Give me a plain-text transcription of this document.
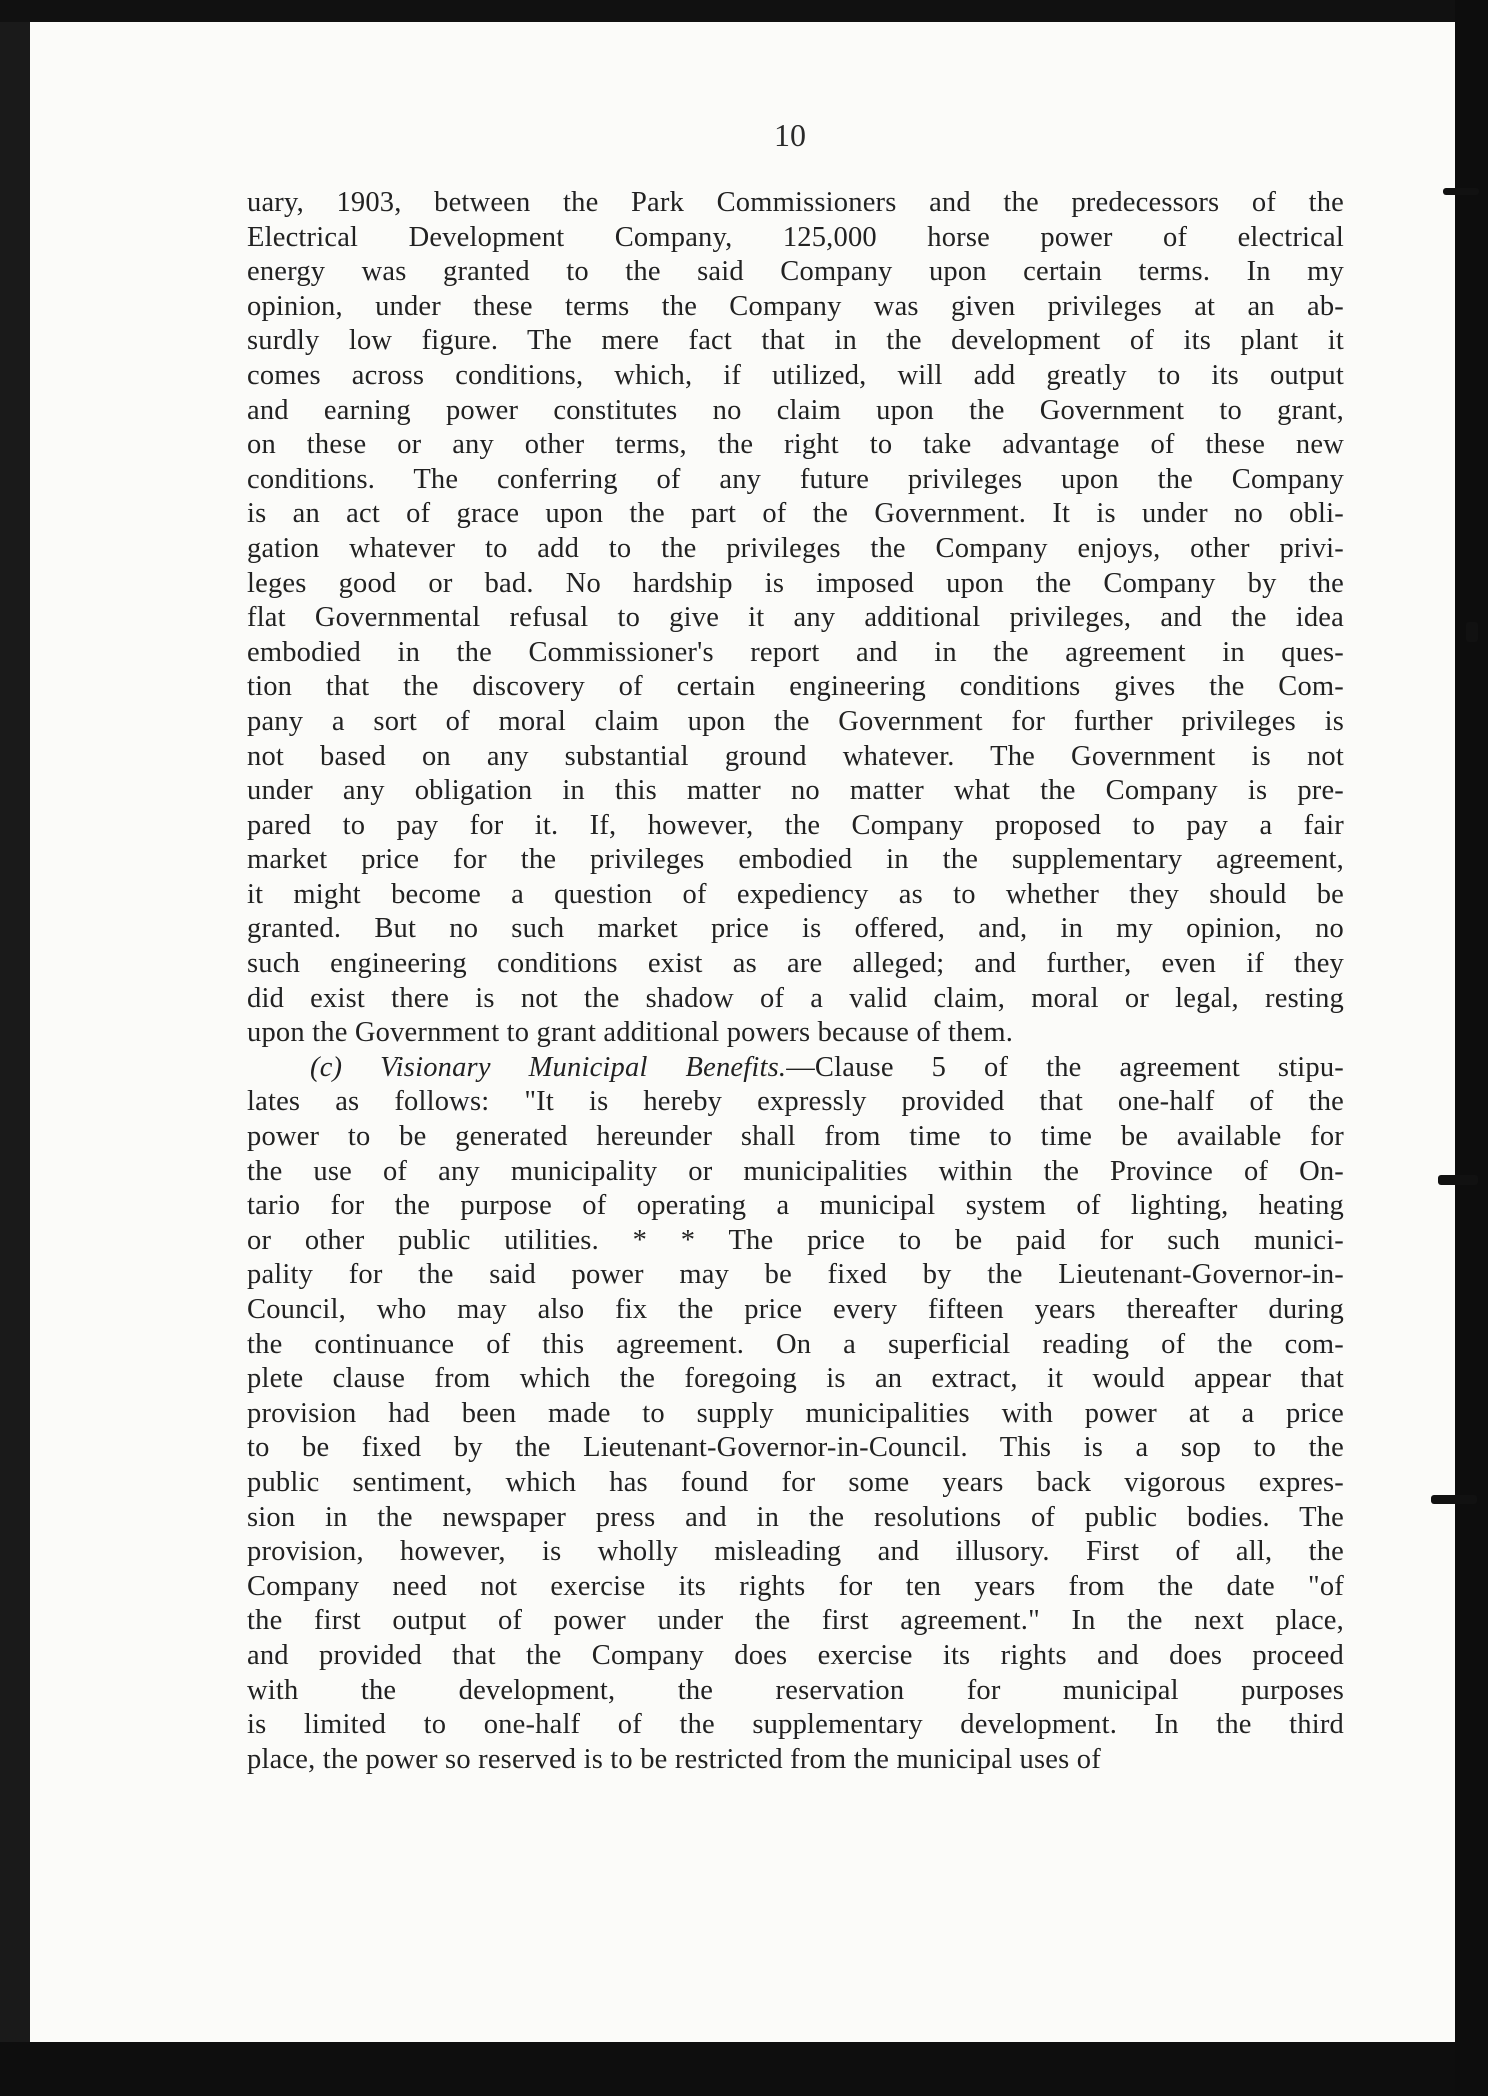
10
uary, 1903, between the Park Commissioners and the predecessors of the
Electrical Development Company, 125,000 horse power of electrical
energy was granted to the said Company upon certain terms. In my
opinion, under these terms the Company was given privileges at an ab-
surdly low figure. The mere fact that in the development of its plant it
comes across conditions, which, if utilized, will add greatly to its output
and earning power constitutes no claim upon the Government to grant,
on these or any other terms, the right to take advantage of these new
conditions. The conferring of any future privileges upon the Company
is an act of grace upon the part of the Government. It is under no obli-
gation whatever to add to the privileges the Company enjoys, other privi-
leges good or bad. No hardship is imposed upon the Company by the
flat Governmental refusal to give it any additional privileges, and the idea
embodied in the Commissioner's report and in the agreement in ques-
tion that the discovery of certain engineering conditions gives the Com-
pany a sort of moral claim upon the Government for further privileges is
not based on any substantial ground whatever. The Government is not
under any obligation in this matter no matter what the Company is pre-
pared to pay for it. If, however, the Company proposed to pay a fair
market price for the privileges embodied in the supplementary agreement,
it might become a question of expediency as to whether they should be
granted. But no such market price is offered, and, in my opinion, no
such engineering conditions exist as are alleged; and further, even if they
did exist there is not the shadow of a valid claim, moral or legal, resting
upon the Government to grant additional powers because of them.
(c) Visionary Municipal Benefits.—Clause 5 of the agreement stipu-
lates as follows: "It is hereby expressly provided that one-half of the
power to be generated hereunder shall from time to time be available for
the use of any municipality or municipalities within the Province of On-
tario for the purpose of operating a municipal system of lighting, heating
or other public utilities. * * The price to be paid for such munici-
pality for the said power may be fixed by the Lieutenant-Governor-in-
Council, who may also fix the price every fifteen years thereafter during
the continuance of this agreement. On a superficial reading of the com-
plete clause from which the foregoing is an extract, it would appear that
provision had been made to supply municipalities with power at a price
to be fixed by the Lieutenant-Governor-in-Council. This is a sop to the
public sentiment, which has found for some years back vigorous expres-
sion in the newspaper press and in the resolutions of public bodies. The
provision, however, is wholly misleading and illusory. First of all, the
Company need not exercise its rights for ten years from the date "of
the first output of power under the first agreement." In the next place,
and provided that the Company does exercise its rights and does proceed
with the development, the reservation for municipal purposes
is limited to one-half of the supplementary development. In the third
place, the power so reserved is to be restricted from the municipal uses of
